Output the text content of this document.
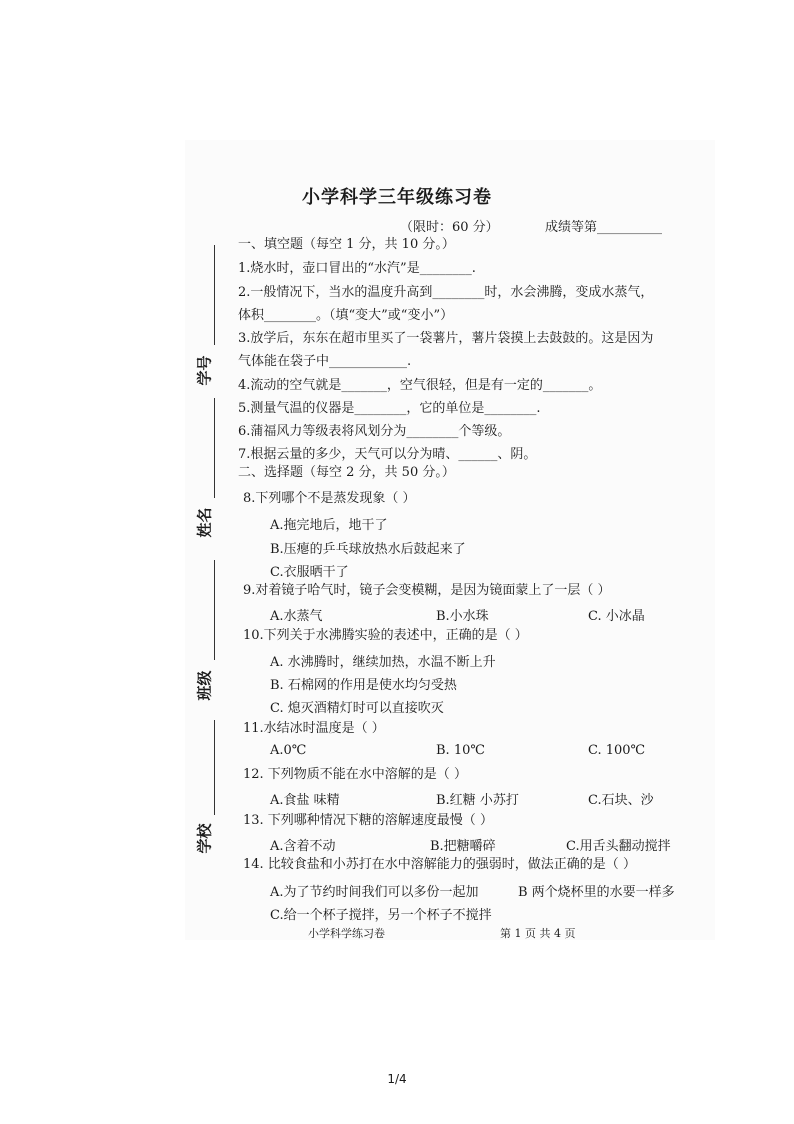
小学科学三年级练习卷
（限时：60 分）	成绩等第__________
学号
姓名
班级
学校
一、填空题（每空 1 分，共 10 分。）
1.烧水时，壶口冒出的“水汽”是________.
2.一般情况下，当水的温度升高到________时，水会沸腾，变成水蒸气，
体积________。（填“变大”或“变小”）
3.放学后，东东在超市里买了一袋薯片，薯片袋摸上去鼓鼓的。这是因为
气体能在袋子中____________.
4.流动的空气就是_______，空气很轻，但是有一定的_______。
5.测量气温的仪器是________，它的单位是________.
6.蒲福风力等级表将风划分为________个等级。
7.根据云量的多少，天气可以分为晴、______、阴。
二、选择题（每空 2 分，共 50 分。）
8.下列哪个不是蒸发现象（ ）
A.拖完地后，地干了
B.压瘪的乒乓球放热水后鼓起来了
C.衣服晒干了
9.对着镜子哈气时，镜子会变模糊，是因为镜面蒙上了一层（ ）
A.水蒸气	B.小水珠	C. 小冰晶
10.下列关于水沸腾实验的表述中，正确的是（ ）
A. 水沸腾时，继续加热，水温不断上升
B. 石棉网的作用是使水均匀受热
C. 熄灭酒精灯时可以直接吹灭
11.水结冰时温度是（ ）
A.0℃	B. 10℃	C. 100℃
12. 下列物质不能在水中溶解的是（ ）
A.食盐 味精	B.红糖 小苏打	C.石块、沙
13. 下列哪种情况下糖的溶解速度最慢（ ）
A.含着不动	B.把糖嚼碎	C.用舌头翻动搅拌
14. 比较食盐和小苏打在水中溶解能力的强弱时，做法正确的是（ ）
A.为了节约时间我们可以多份一起加	B 两个烧杯里的水要一样多
C.给一个杯子搅拌，另一个杯子不搅拌
小学科学练习卷	第 1 页 共 4 页
1/4
